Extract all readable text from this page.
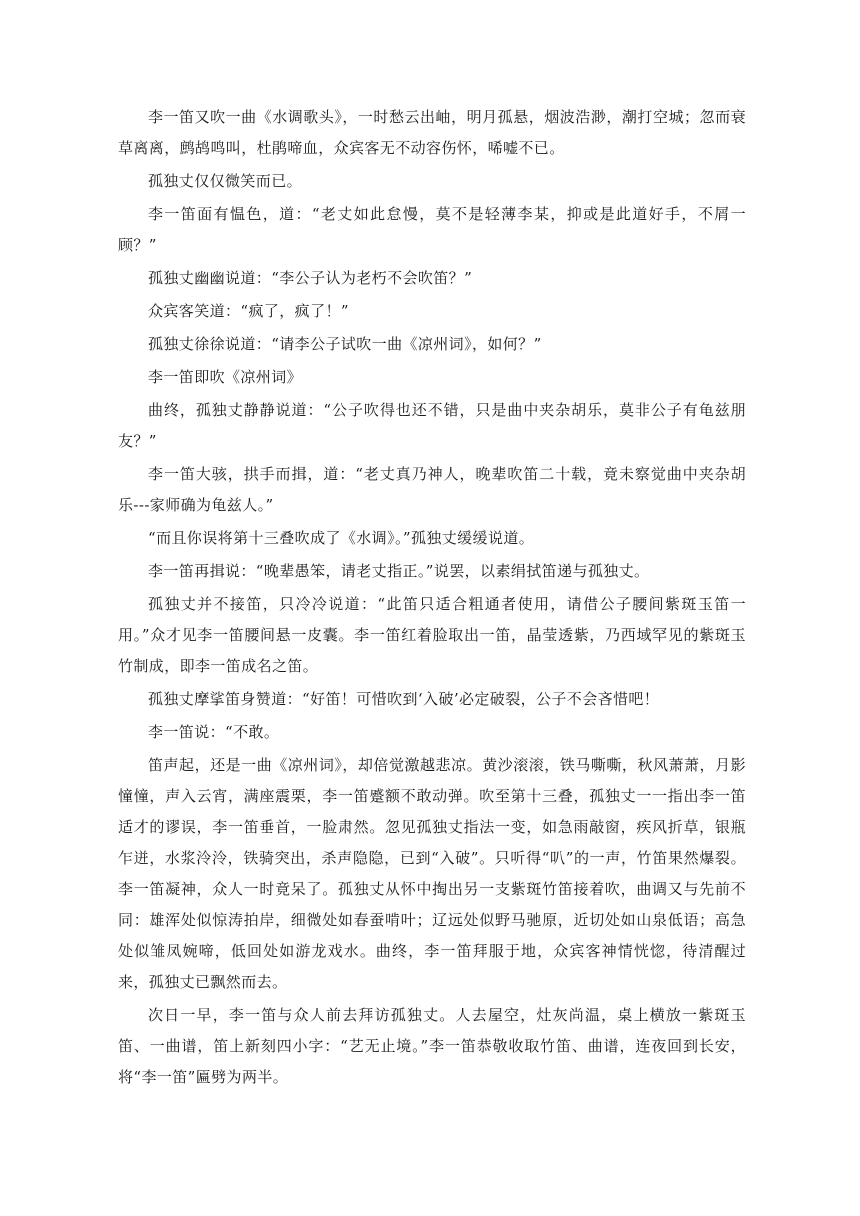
李一笛又吹一曲《水调歌头》，一时愁云出岫，明月孤悬，烟波浩渺，潮打空城；忽而衰草离离，鹧鸪鸣叫，杜鹃啼血，众宾客无不动容伤怀，唏嘘不已。

孤独丈仅仅微笑而已。

李一笛面有愠色，道：“老丈如此怠慢，莫不是轻薄李某，抑或是此道好手，不屑一顾？”

孤独丈幽幽说道：“李公子认为老朽不会吹笛？”

众宾客笑道：“疯了，疯了！”

孤独丈徐徐说道：“请李公子试吹一曲《凉州词》，如何？”

李一笛即吹《凉州词》

曲终，孤独丈静静说道：“公子吹得也还不错，只是曲中夹杂胡乐，莫非公子有龟兹朋友？”

李一笛大骇，拱手而揖，道：“老丈真乃神人，晚辈吹笛二十载，竟未察觉曲中夹杂胡乐---家师确为龟兹人。”

“而且你误将第十三叠吹成了《水调》。”孤独丈缓缓说道。

李一笛再揖说：“晚辈愚笨，请老丈指正。”说罢，以素绢拭笛递与孤独丈。

孤独丈并不接笛，只冷冷说道：“此笛只适合粗通者使用，请借公子腰间紫斑玉笛一用。”众才见李一笛腰间悬一皮囊。李一笛红着脸取出一笛，晶莹透紫，乃西域罕见的紫斑玉竹制成，即李一笛成名之笛。

孤独丈摩挲笛身赞道：“好笛！可惜吹到‘入破’必定破裂，公子不会吝惜吧！

李一笛说：“不敢。

笛声起，还是一曲《凉州词》，却倍觉激越悲凉。黄沙滚滚，铁马嘶嘶，秋风萧萧，月影憧憧，声入云宵，满座震栗，李一笛蹙额不敢动弹。吹至第十三叠，孤独丈一一指出李一笛适才的谬误，李一笛垂首，一脸肃然。忽见孤独丈指法一变，如急雨敲窗，疾风折草，银瓶乍迸，水浆泠泠，铁骑突出，杀声隐隐，已到“入破”。只听得“叭”的一声，竹笛果然爆裂。李一笛凝神，众人一时竟呆了。孤独丈从怀中掏出另一支紫斑竹笛接着吹，曲调又与先前不同：雄浑处似惊涛拍岸，细微处如春蚕啃叶；辽远处似野马驰原，近切处如山泉低语；高急处似雏凤婉啼，低回处如游龙戏水。曲终，李一笛拜服于地，众宾客神情恍惚，待清醒过来，孤独丈已飘然而去。

次日一早，李一笛与众人前去拜访孤独丈。人去屋空，灶灰尚温，桌上横放一紫斑玉笛、一曲谱，笛上新刻四小字：“艺无止境。”李一笛恭敬收取竹笛、曲谱，连夜回到长安，将“李一笛”匾劈为两半。
